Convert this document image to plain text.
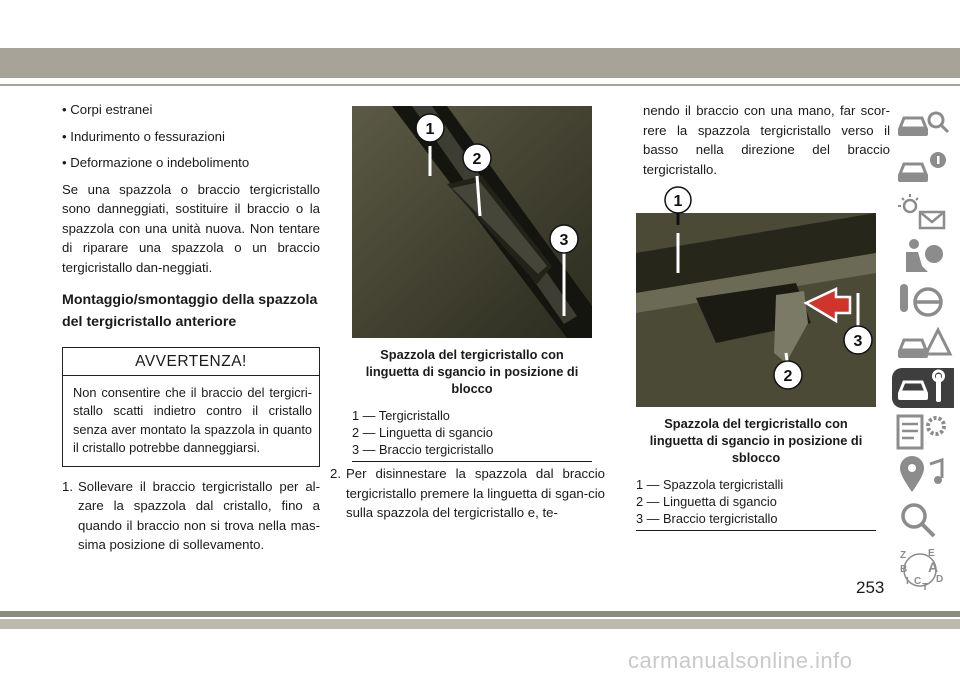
• Corpi estranei

• Indurimento o fessurazioni

• Deformazione o indebolimento

Se una spazzola o braccio tergicristallo sono danneggiati, sostituire il braccio o la spazzola con una unità nuova. Non tentare di riparare una spazzola o un braccio tergicristallo dan-neggiati.

Montaggio/smontaggio della spazzola del tergicristallo anteriore
AVVERTENZA!
Non consentire che il braccio del tergicri-stallo scatti indietro contro il cristallo senza aver montato la spazzola in quanto il cristallo potrebbe danneggiarsi.
1. Sollevare il braccio tergicristallo per al-zare la spazzola dal cristallo, fino a quando il braccio non si trova nella mas-sima posizione di sollevamento.
1
2
3
Spazzola del tergicristallo con linguetta di sgancio in posizione di blocco

1 — Tergicristallo

2 — Linguetta di sgancio

3 — Braccio tergicristallo

2. Per disinnestare la spazzola dal braccio tergicristallo premere la linguetta di sgan-cio sulla spazzola del tergicristallo e, te-
nendo il braccio con una mano, far scor-rere la spazzola tergicristallo verso il basso nella direzione del braccio tergicristallo.
2
3
1
Spazzola del tergicristallo con linguetta di sgancio in posizione di sblocco

1 — Spazzola tergicristalli

2 — Linguetta di sgancio

3 — Braccio tergicristallo

Z E
B A
I C D
T
253
carmanualsonline.info
